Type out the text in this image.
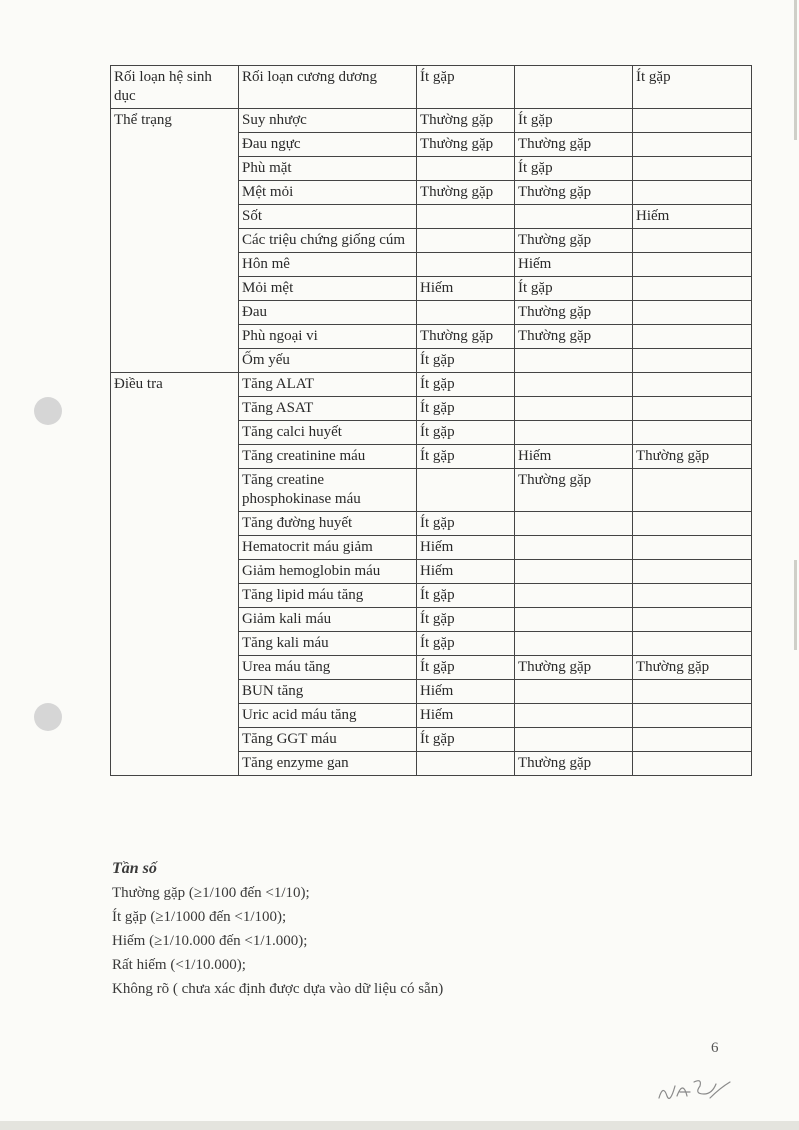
Rối loạn hệ sinh dục	Rối loạn cương dương	Ít gặp		Ít gặp
Thể trạng	Suy nhược	Thường gặp	Ít gặp	
	Đau ngực	Thường gặp	Thường gặp	
	Phù mặt		Ít gặp	
	Mệt mỏi	Thường gặp	Thường gặp	
	Sốt			Hiếm
	Các triệu chứng giống cúm		Thường gặp	
	Hôn mê		Hiếm	
	Mỏi mệt	Hiếm	Ít gặp	
	Đau		Thường gặp	
	Phù ngoại vi	Thường gặp	Thường gặp	
	Ốm yếu	Ít gặp		
Điều tra	Tăng ALAT	Ít gặp		
	Tăng ASAT	Ít gặp		
	Tăng calci huyết	Ít gặp		
	Tăng creatinine máu	Ít gặp	Hiếm	Thường gặp
	Tăng creatine phosphokinase máu		Thường gặp	
	Tăng đường huyết	Ít gặp		
	Hematocrit máu giảm	Hiếm		
	Giảm hemoglobin máu	Hiếm		
	Tăng lipid máu tăng	Ít gặp		
	Giảm kali máu	Ít gặp		
	Tăng kali máu	Ít gặp		
	Urea máu tăng	Ít gặp	Thường gặp	Thường gặp
	BUN tăng	Hiếm		
	Uric acid máu tăng	Hiếm		
	Tăng GGT máu	Ít gặp		
	Tăng enzyme gan		Thường gặp	
Tần số
Thường gặp (≥1/100 đến <1/10);
Ít gặp (≥1/1000 đến <1/100);
Hiếm (≥1/10.000 đến <1/1.000);
Rất hiếm (<1/10.000);
Không rõ ( chưa xác định được dựa vào dữ liệu có sẵn)
6
